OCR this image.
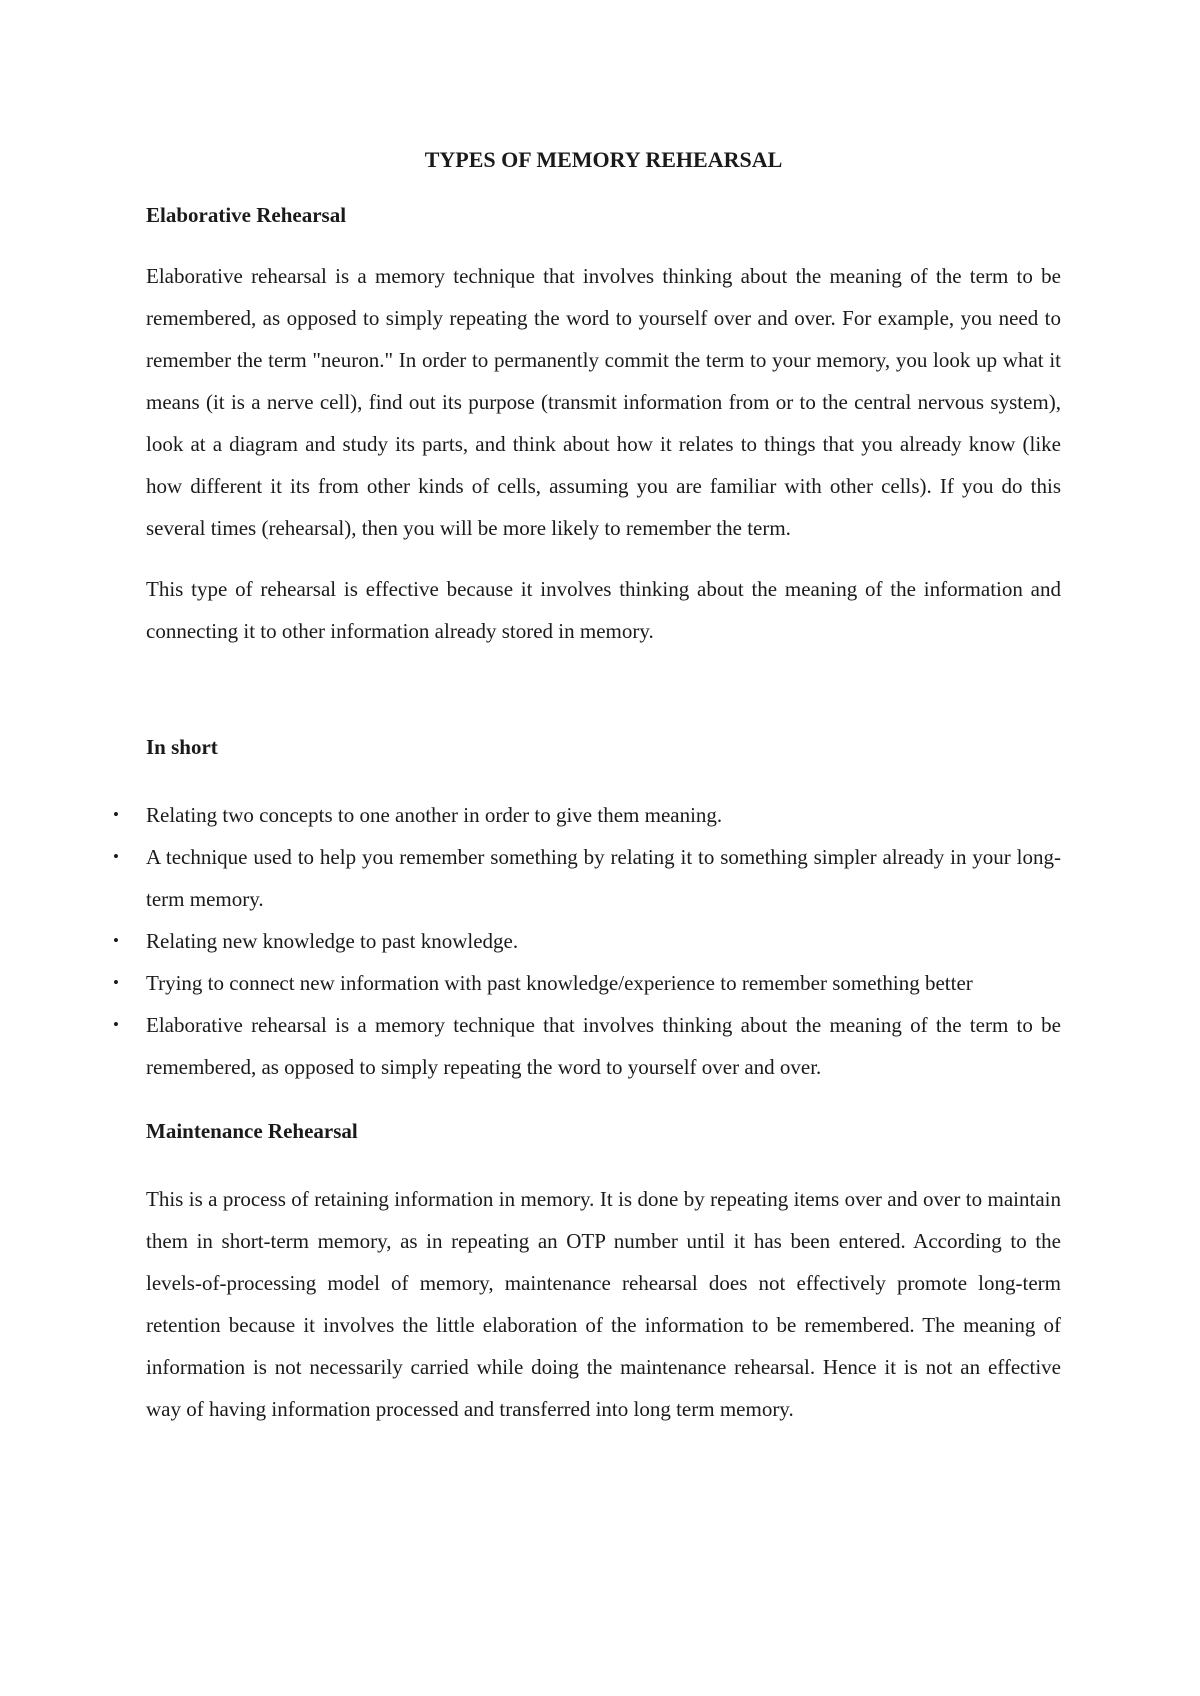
TYPES OF MEMORY REHEARSAL
Elaborative Rehearsal

Elaborative rehearsal is a memory technique that involves thinking about the meaning of the term to be remembered, as opposed to simply repeating the word to yourself over and over. For example, you need to remember the term "neuron." In order to permanently commit the term to your memory, you look up what it means (it is a nerve cell), find out its purpose (transmit information from or to the central nervous system), look at a diagram and study its parts, and think about how it relates to things that you already know (like how different it its from other kinds of cells, assuming you are familiar with other cells). If you do this several times (rehearsal), then you will be more likely to remember the term.

This type of rehearsal is effective because it involves thinking about the meaning of the information and connecting it to other information already stored in memory.

In short
• Relating two concepts to one another in order to give them meaning.
• A technique used to help you remember something by relating it to something simpler already in your long-term memory.
• Relating new knowledge to past knowledge.
• Trying to connect new information with past knowledge/experience to remember something better
• Elaborative rehearsal is a memory technique that involves thinking about the meaning of the term to be remembered, as opposed to simply repeating the word to yourself over and over.
Maintenance Rehearsal

This is a process of retaining information in memory. It is done by repeating items over and over to maintain them in short-term memory, as in repeating an OTP number until it has been entered. According to the levels-of-processing model of memory, maintenance rehearsal does not effectively promote long-term retention because it involves the little elaboration of the information to be remembered. The meaning of information is not necessarily carried while doing the maintenance rehearsal. Hence it is not an effective way of having information processed and transferred into long term memory.
